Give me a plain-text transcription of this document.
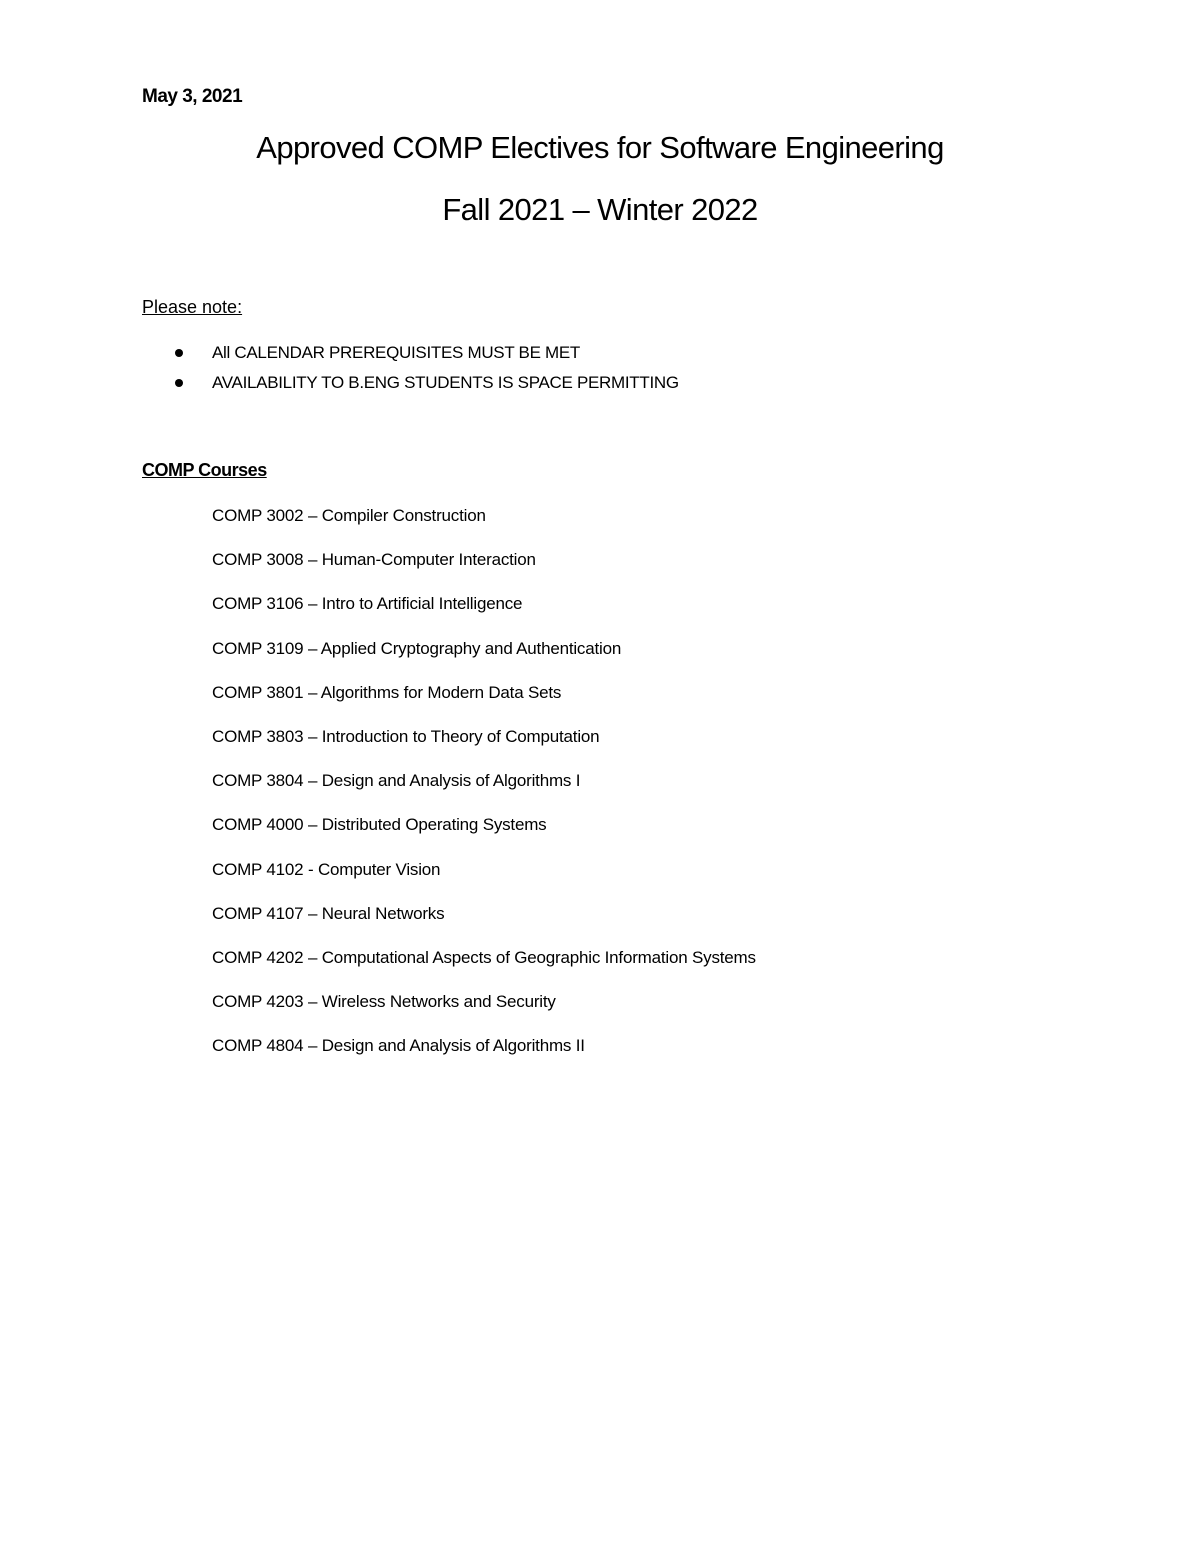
May 3, 2021
Approved COMP Electives for Software Engineering
Fall 2021 – Winter 2022
Please note:
All CALENDAR PREREQUISITES MUST BE MET
AVAILABILITY TO B.ENG STUDENTS IS SPACE PERMITTING
COMP Courses
COMP 3002 – Compiler Construction
COMP 3008 – Human-Computer Interaction
COMP 3106 – Intro to Artificial Intelligence
COMP 3109 – Applied Cryptography and Authentication
COMP 3801 – Algorithms for Modern Data Sets
COMP 3803 – Introduction to Theory of Computation
COMP 3804 – Design and Analysis of Algorithms I
COMP 4000 – Distributed Operating Systems
COMP 4102 - Computer Vision
COMP 4107 – Neural Networks
COMP 4202 – Computational Aspects of Geographic Information Systems
COMP 4203 – Wireless Networks and Security
COMP 4804 – Design and Analysis of Algorithms II
